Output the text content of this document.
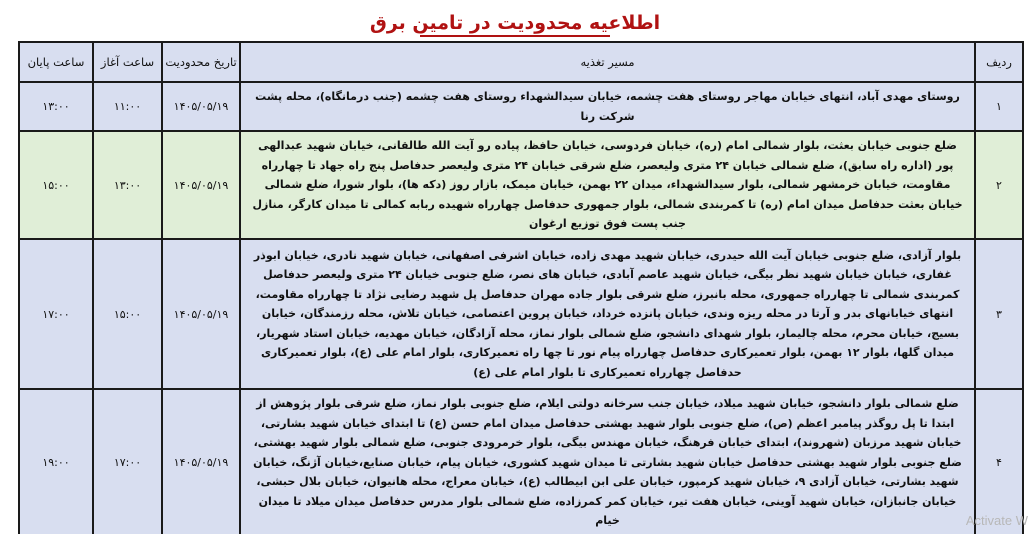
اطلاعیه محدودیت در تامین برق
ردیف	مسیر تغذیه	تاریخ محدودیت	ساعت آغاز	ساعت پایان
۱	روستای مهدی آباد، انتهای خیابان مهاجر روستای هفت چشمه، خیابان سیدالشهداء روستای هفت چشمه (جنب درمانگاه)، محله پشت شرکت رنا	۱۴۰۵/۰۵/۱۹	۱۱:۰۰	۱۳:۰۰
۲	ضلع جنوبی خیابان بعثت، بلوار شمالی امام (ره)، خیابان فردوسی، خیابان حافظ، پیاده رو آیت الله طالقانی، خیابان شهید عبدالهی پور (اداره راه سابق)، ضلع شمالی خیابان ۲۴ متری ولیعصر، ضلع شرقی خیابان ۲۴ متری ولیعصر حدفاصل پنج راه جهاد تا چهارراه مقاومت، خیابان خرمشهر شمالی، بلوار سیدالشهداء، میدان ۲۲ بهمن، خیابان میمک، بازار روز (دکه ها)، بلوار شورا، ضلع شمالی خیابان بعثت حدفاصل میدان امام (ره) تا کمربندی شمالی، بلوار جمهوری حدفاصل چهارراه شهیده ربابه کمالی تا میدان کارگر، منازل جنب پست فوق توزیع ارغوان	۱۴۰۵/۰۵/۱۹	۱۳:۰۰	۱۵:۰۰
۳	بلوار آزادی، ضلع جنوبی خیابان آیت الله حیدری، خیابان شهید مهدی زاده، خیابان اشرفی اصفهانی، خیابان شهید نادری، خیابان ابوذر غفاری، خیابان خیابان شهید نظر بیگی، خیابان شهید عاصم آبادی، خیابان های نصر، ضلع جنوبی خیابان ۲۴ متری ولیعصر حدفاصل کمربندی شمالی تا چهارراه جمهوری، محله بانبرز، ضلع شرقی بلوار جاده مهران حدفاصل پل شهید رضایی نژاد تا چهارراه مقاومت، انتهای خیابانهای بدر و آرتا در محله ریزه وندی، خیابان پانزده خرداد، خیابان پروین اعتصامی، خیابان تلاش، محله رزمندگان، خیابان بسیج، خیابان محرم، محله چالیمار، بلوار شهدای دانشجو، ضلع شمالی بلوار نماز، محله آزادگان، خیابان مهدیه، خیابان استاد شهریار، میدان گلها، بلوار ۱۲ بهمن، بلوار تعمیرکاری حدفاصل چهارراه پیام نور تا چها راه تعمیرکاری، بلوار امام علی (ع)، بلوار تعمیرکاری حدفاصل چهارراه تعمیرکاری تا بلوار امام علی (ع)	۱۴۰۵/۰۵/۱۹	۱۵:۰۰	۱۷:۰۰
۴	ضلع شمالی بلوار دانشجو، خیابان شهید میلاد، خیابان جنب سرخانه دولتی ایلام، ضلع جنوبی بلوار نماز، ضلع شرقی بلوار پژوهش از ابتدا تا پل روگذر پیامبر اعظم (ص)، ضلع جنوبی بلوار شهید بهشتی حدفاصل میدان امام حسن (ع) تا ابتدای خیابان شهید بشارتی، خیابان شهید مرزبان (شهروند)، ابتدای خیابان فرهنگ، خیابان مهندس بیگی، بلوار خرمرودی جنوبی، ضلع شمالی بلوار شهید بهشتی، ضلع جنوبی بلوار شهید بهشتی حدفاصل خیابان شهید بشارتی تا میدان شهید کشوری، خیابان پیام، خیابان صنایع،خیابان آژنگ، خیابان شهید بشارتی، خیابان آزادی ۹، خیابان شهید کرمپور، خیابان علی ابن ابیطالب (ع)، خیابان معراج، محله هانیوان، خیابان بلال حبشی، خیابان جانبازان، خیابان شهید آوینی، خیابان هفت تیر، خیابان کمر کمرزاده، ضلع شمالی بلوار مدرس حدفاصل میدان میلاد تا میدان خیام	۱۴۰۵/۰۵/۱۹	۱۷:۰۰	۱۹:۰۰
Activate W
